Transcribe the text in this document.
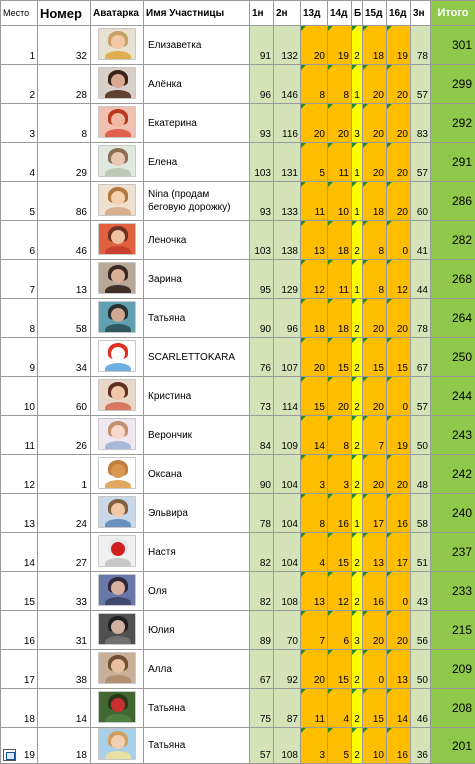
Место	Номер	Аватарка	Имя Участницы	1н	2н	13д	14д	Б	15д	16д	3н	Итого
1	32		Елизаветка	91	132	20	19	2	18	19	78	301
2	28		Алёнка	96	146	8	8	1	20	20	57	299
3	8		Екатерина	93	116	20	20	3	20	20	83	292
4	29		Елена	103	131	5	11	1	20	20	57	291
5	86		Nina (продам беговую дорожку)	93	133	11	10	1	18	20	60	286
6	46		Леночка	103	138	13	18	2	8	0	41	282
7	13		Зарина	95	129	12	11	1	8	12	44	268
8	58		Татьяна	90	96	18	18	2	20	20	78	264
9	34		SCARLETTOKARA	76	107	20	15	2	15	15	67	250
10	60		Кристина	73	114	15	20	2	20	0	57	244
11	26		Верончик	84	109	14	8	2	7	19	50	243
12	1		Оксана	90	104	3	3	2	20	20	48	242
13	24		Эльвира	78	104	8	16	1	17	16	58	240
14	27		Настя	82	104	4	15	2	13	17	51	237
15	33		Оля	82	108	13	12	2	16	0	43	233
16	31		Юлия	89	70	7	6	3	20	20	56	215
17	38		Алла	67	92	20	15	2	0	13	50	209
18	14		Татьяна	75	87	11	4	2	15	14	46	208
19	18		Татьяна	57	108	3	5	2	10	16	36	201
